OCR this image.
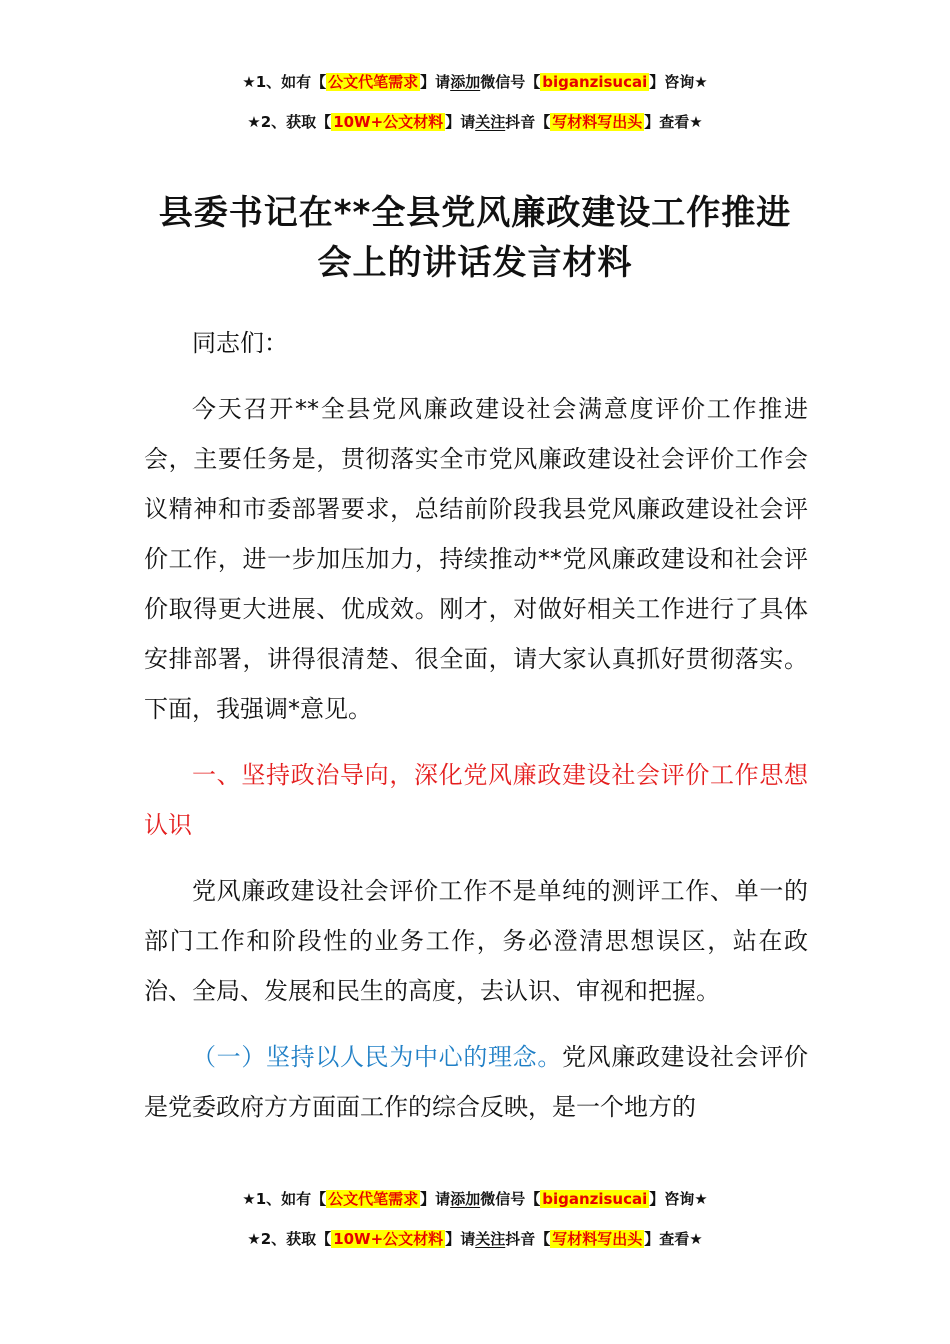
★1、如有【 公文代笔需求 】请添加微信号【 biganzisucai 】咨询★
★2、获取【 10W+公文材料 】请关注抖音【 写材料写出头 】查看★
县委书记在**全县党风廉政建设工作推进
会上的讲话发言材料

同志们：

今天召开**全县党风廉政建设社会满意度评价工作推进会，主要任务是，贯彻落实全市党风廉政建设社会评价工作会议精神和市委部署要求，总结前阶段我县党风廉政建设社会评价工作，进一步加压加力，持续推动**党风廉政建设和社会评价取得更大进展、优成效。刚才，对做好相关工作进行了具体安排部署，讲得很清楚、很全面，请大家认真抓好贯彻落实。下面，我强调*意见。

一、坚持政治导向，深化党风廉政建设社会评价工作思想认识

党风廉政建设社会评价工作不是单纯的测评工作、单一的部门工作和阶段性的业务工作，务必澄清思想误区，站在政治、全局、发展和民生的高度，去认识、审视和把握。

（一）坚持以人民为中心的理念。党风廉政建设社会评价是党委政府方方面面工作的综合反映，是一个地方的

★1、如有【 公文代笔需求 】请添加微信号【 biganzisucai 】咨询★
★2、获取【 10W+公文材料 】请关注抖音【 写材料写出头 】查看★
